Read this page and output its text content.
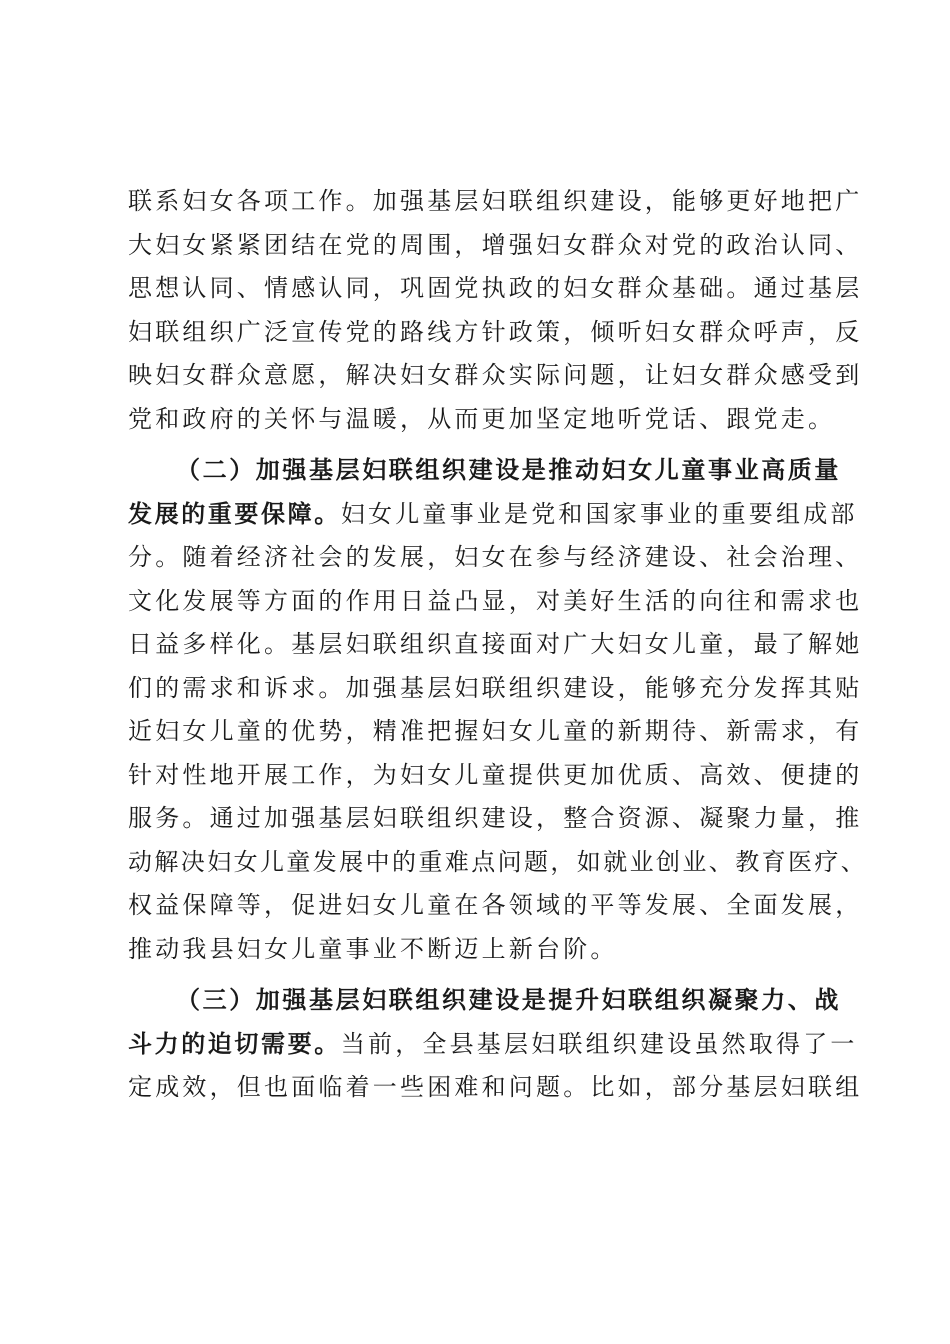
联系妇女各项工作。加强基层妇联组织建设，能够更好地把广
大妇女紧紧团结在党的周围，增强妇女群众对党的政治认同、
思想认同、情感认同，巩固党执政的妇女群众基础。通过基层
妇联组织广泛宣传党的路线方针政策，倾听妇女群众呼声，反
映妇女群众意愿，解决妇女群众实际问题，让妇女群众感受到
党和政府的关怀与温暖，从而更加坚定地听党话、跟党走。
（二）加强基层妇联组织建设是推动妇女儿童事业高质量
发展的重要保障。妇女儿童事业是党和国家事业的重要组成部
分。随着经济社会的发展，妇女在参与经济建设、社会治理、
文化发展等方面的作用日益凸显，对美好生活的向往和需求也
日益多样化。基层妇联组织直接面对广大妇女儿童，最了解她
们的需求和诉求。加强基层妇联组织建设，能够充分发挥其贴
近妇女儿童的优势，精准把握妇女儿童的新期待、新需求，有
针对性地开展工作，为妇女儿童提供更加优质、高效、便捷的
服务。通过加强基层妇联组织建设，整合资源、凝聚力量，推
动解决妇女儿童发展中的重难点问题，如就业创业、教育医疗、
权益保障等，促进妇女儿童在各领域的平等发展、全面发展，
推动我县妇女儿童事业不断迈上新台阶。
（三）加强基层妇联组织建设是提升妇联组织凝聚力、战
斗力的迫切需要。当前，全县基层妇联组织建设虽然取得了一
定成效，但也面临着一些困难和问题。比如，部分基层妇联组
